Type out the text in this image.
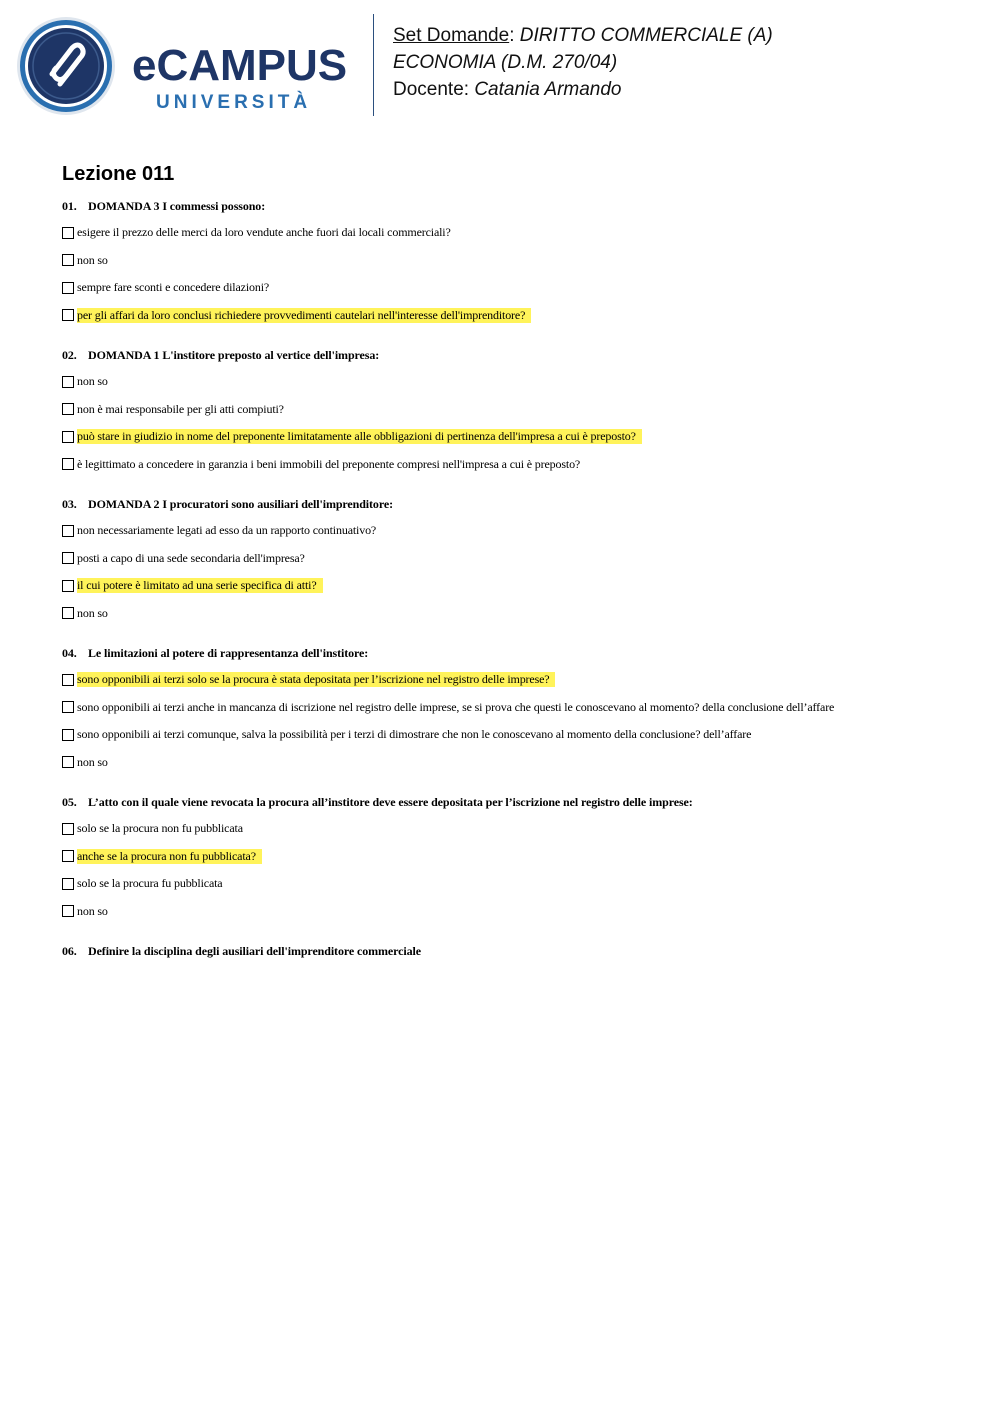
eCAMPUS
UNIVERSITÀ
Set Domande: DIRITTO COMMERCIALE (A)
ECONOMIA (D.M. 270/04)
Docente: Catania Armando
Lezione 011
01. DOMANDA 3 I commessi possono:
esigere il prezzo delle merci da loro vendute anche fuori dai locali commerciali?
non so
sempre fare sconti e concedere dilazioni?
per gli affari da loro conclusi richiedere provvedimenti cautelari nell'interesse dell'imprenditore?
02. DOMANDA 1 L'institore preposto al vertice dell'impresa:
non so
non è mai responsabile per gli atti compiuti?
può stare in giudizio in nome del preponente limitatamente alle obbligazioni di pertinenza dell'impresa a cui è preposto?
è legittimato a concedere in garanzia i beni immobili del preponente compresi nell'impresa a cui è preposto?
03. DOMANDA 2 I procuratori sono ausiliari dell'imprenditore:
non necessariamente legati ad esso da un rapporto continuativo?
posti a capo di una sede secondaria dell'impresa?
il cui potere è limitato ad una serie specifica di atti?
non so
04. Le limitazioni al potere di rappresentanza dell'institore:
sono opponibili ai terzi solo se la procura è stata depositata per l’iscrizione nel registro delle imprese?
sono opponibili ai terzi anche in mancanza di iscrizione nel registro delle imprese, se si prova che questi le conoscevano al momento? della conclusione dell’affare
sono opponibili ai terzi comunque, salva la possibilità per i terzi di dimostrare che non le conoscevano al momento della conclusione? dell’affare
non so
05. L’atto con il quale viene revocata la procura all’institore deve essere depositata per l’iscrizione nel registro delle imprese:
solo se la procura non fu pubblicata
anche se la procura non fu pubblicata?
solo se la procura fu pubblicata
non so
06. Definire la disciplina degli ausiliari dell'imprenditore commerciale
